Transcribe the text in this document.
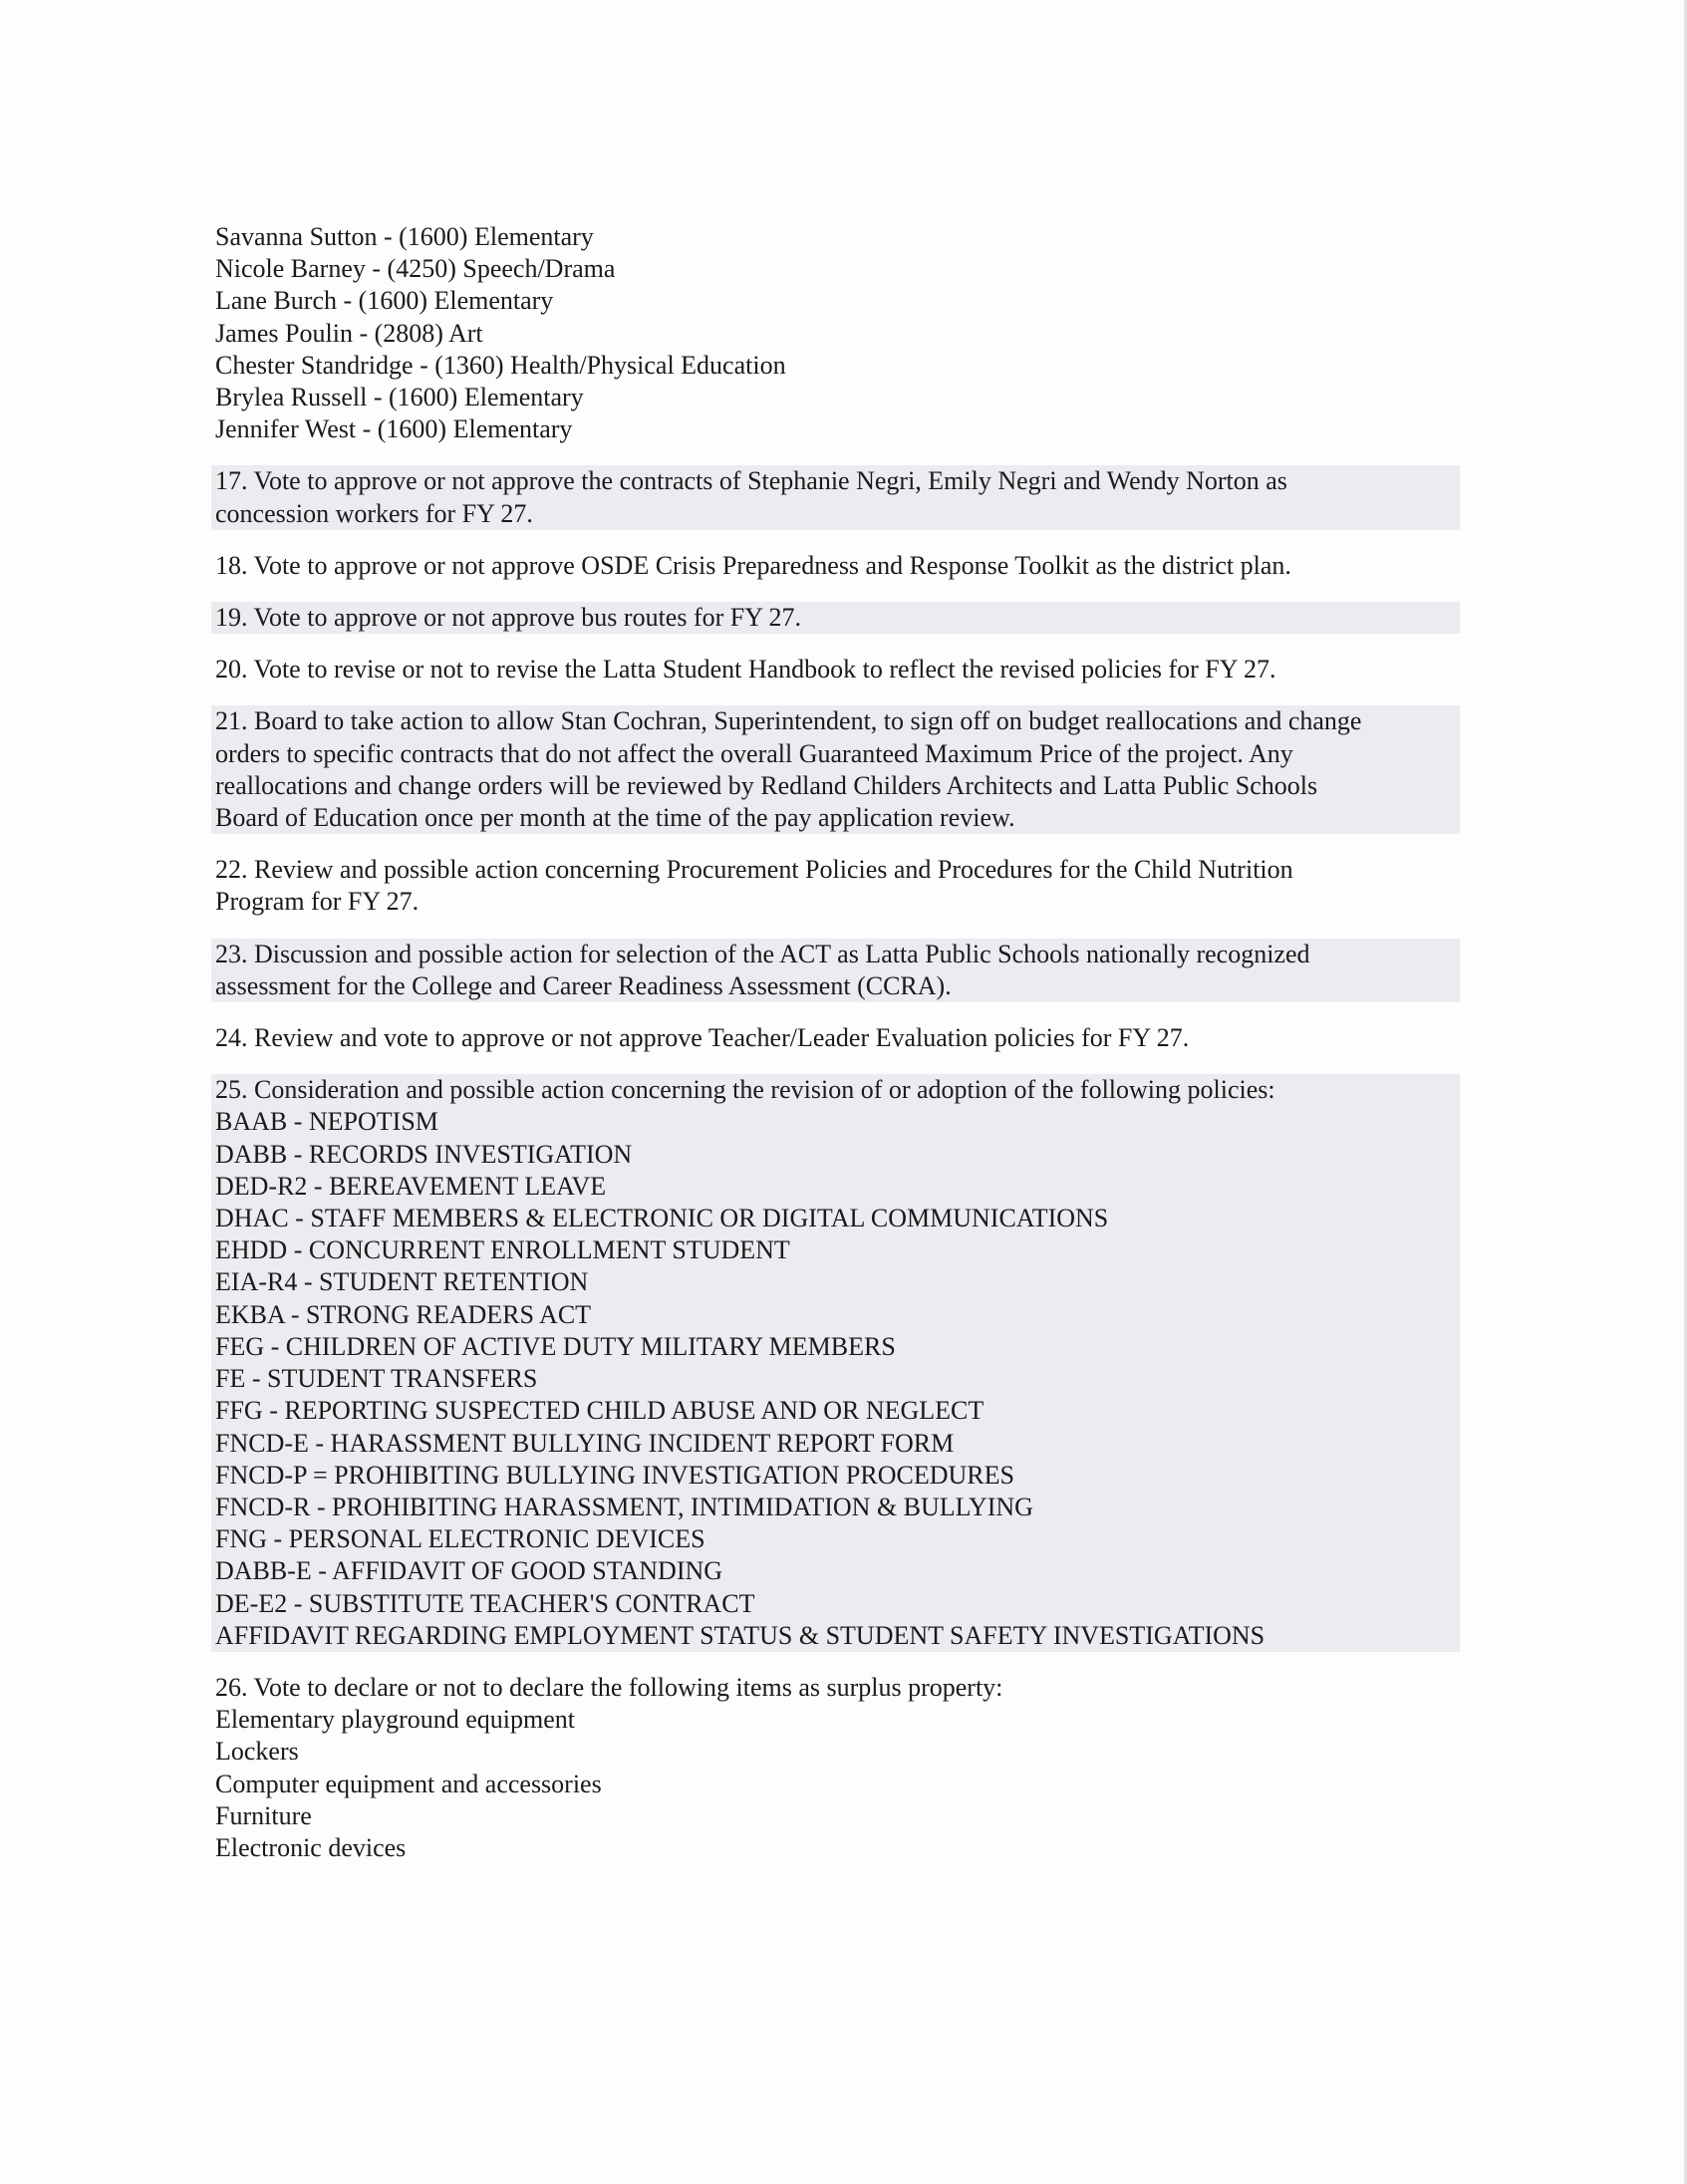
Savanna Sutton - (1600) Elementary
Nicole Barney - (4250) Speech/Drama
Lane Burch - (1600) Elementary
James Poulin - (2808) Art
Chester Standridge - (1360) Health/Physical Education
Brylea Russell - (1600) Elementary
Jennifer West - (1600) Elementary
17. Vote to approve or not approve the contracts of Stephanie Negri, Emily Negri and Wendy Norton as
concession workers for FY 27.
18. Vote to approve or not approve OSDE Crisis Preparedness and Response Toolkit as the district plan.
19. Vote to approve or not approve bus routes for FY 27.
20. Vote to revise or not to revise the Latta Student Handbook to reflect the revised policies for FY 27.
21. Board to take action to allow Stan Cochran, Superintendent, to sign off on budget reallocations and change
orders to specific contracts that do not affect the overall Guaranteed Maximum Price of the project. Any
reallocations and change orders will be reviewed by Redland Childers Architects and Latta Public Schools
Board of Education once per month at the time of the pay application review.
22. Review and possible action concerning Procurement Policies and Procedures for the Child Nutrition
Program for FY 27.
23. Discussion and possible action for selection of the ACT as Latta Public Schools nationally recognized
assessment for the College and Career Readiness Assessment (CCRA).
24. Review and vote to approve or not approve Teacher/Leader Evaluation policies for FY 27.
25. Consideration and possible action concerning the revision of or adoption of the following policies:
BAAB - NEPOTISM
DABB - RECORDS INVESTIGATION
DED-R2 - BEREAVEMENT LEAVE
DHAC - STAFF MEMBERS & ELECTRONIC OR DIGITAL COMMUNICATIONS
EHDD - CONCURRENT ENROLLMENT STUDENT
EIA-R4 - STUDENT RETENTION
EKBA - STRONG READERS ACT
FEG - CHILDREN OF ACTIVE DUTY MILITARY MEMBERS
FE - STUDENT TRANSFERS
FFG - REPORTING SUSPECTED CHILD ABUSE AND OR NEGLECT
FNCD-E - HARASSMENT BULLYING INCIDENT REPORT FORM
FNCD-P = PROHIBITING BULLYING INVESTIGATION PROCEDURES
FNCD-R - PROHIBITING HARASSMENT, INTIMIDATION & BULLYING
FNG - PERSONAL ELECTRONIC DEVICES
DABB-E - AFFIDAVIT OF GOOD STANDING
DE-E2 - SUBSTITUTE TEACHER'S CONTRACT
AFFIDAVIT REGARDING EMPLOYMENT STATUS & STUDENT SAFETY INVESTIGATIONS
26. Vote to declare or not to declare the following items as surplus property:
Elementary playground equipment
Lockers
Computer equipment and accessories
Furniture
Electronic devices
